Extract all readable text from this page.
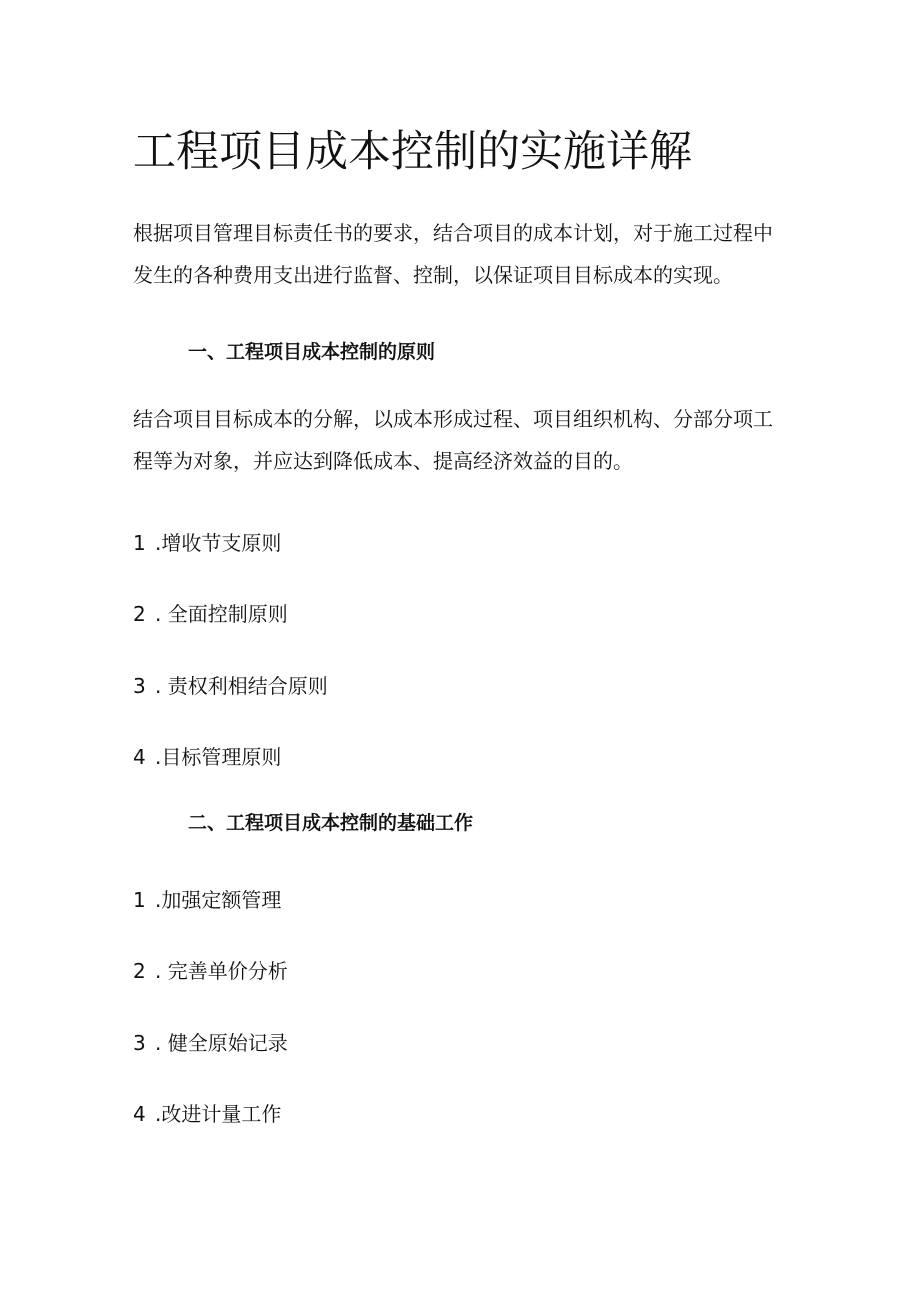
工程项目成本控制的实施详解

根据项目管理目标责任书的要求，结合项目的成本计划，对于施工过程中
发生的各种费用支出进行监督、控制，以保证项目目标成本的实现。

一、工程项目成本控制的原则

结合项目目标成本的分解，以成本形成过程、项目组织机构、分部分项工
程等为对象，并应达到降低成本、提高经济效益的目的。

1 .增收节支原则
2 . 全面控制原则
3 . 责权利相结合原则
4 .目标管理原则
二、工程项目成本控制的基础工作
1 .加强定额管理
2 . 完善单价分析
3 . 健全原始记录
4 .改进计量工作
